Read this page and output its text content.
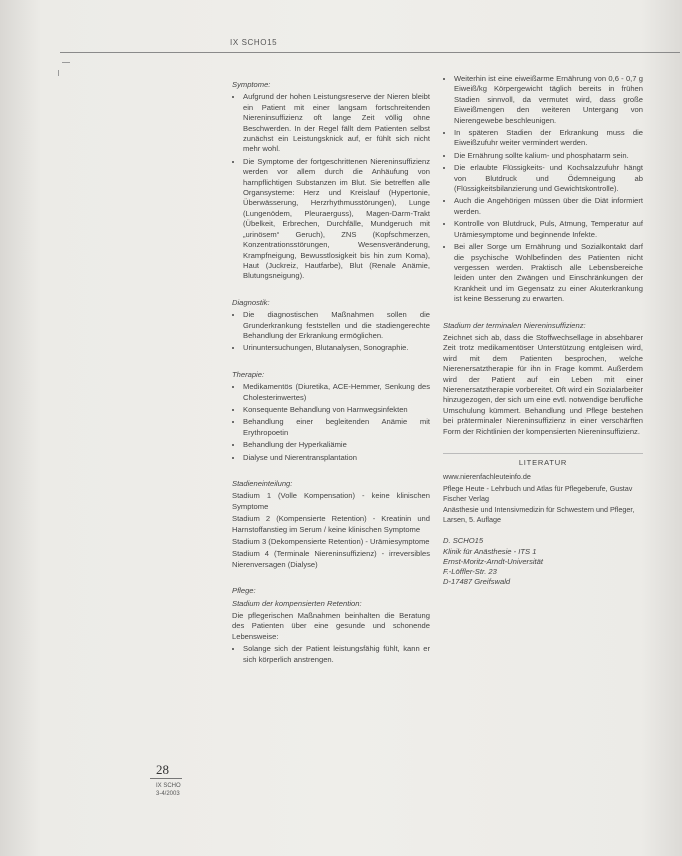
IX SCHO15
Symptome:
• Aufgrund der hohen Leistungsreserve der Nieren bleibt ein Patient mit einer langsam fortschreitenden Niereninsuffizienz oft lange Zeit völlig ohne Beschwerden. In der Regel fällt dem Patienten selbst zunächst ein Leistungsknick auf, er fühlt sich nicht mehr wohl.
• Die Symptome der fortgeschrittenen Niereninsuffizienz werden vor allem durch die Anhäufung von harnpflichtigen Substanzen im Blut. Sie betreffen alle Organsysteme: Herz und Kreislauf (Hypertonie, Überwässerung, Herzrhythmusstörungen), Lunge (Lungenödem, Pleuraerguss), Magen-Darm-Trakt (Übelkeit, Erbrechen, Durchfälle, Mundgeruch mit „urinösem“ Geruch), ZNS (Kopfschmerzen, Konzentrationsstörungen, Wesensveränderung, Krampfneigung, Bewusstlosigkeit bis hin zum Koma), Haut (Juckreiz, Hautfarbe), Blut (Renale Anämie, Blutungsneigung).
Diagnostik:
• Die diagnostischen Maßnahmen sollen die Grunderkrankung feststellen und die stadiengerechte Behandlung der Erkrankung ermöglichen.
• Urinuntersuchungen, Blutanalysen, Sonographie.
Therapie:
• Medikamentös (Diuretika, ACE-Hemmer, Senkung des Cholesterinwertes)
• Konsequente Behandlung von Harnwegsinfekten
• Behandlung einer begleitenden Anämie mit Erythropoetin
• Behandlung der Hyperkaliämie
• Dialyse und Nierentransplantation
Stadieneinteilung:

Stadium 1 (Volle Kompensation) - keine klinischen Symptome

Stadium 2 (Kompensierte Retention) - Kreatinin und Harnstoffanstieg im Serum / keine klinischen Symptome

Stadium 3 (Dekompensierte Retention) - Urämiesymptome

Stadium 4 (Terminale Niereninsuffizienz) - irreversibles Nierenversagen (Dialyse)

Pflege:
Stadium der kompensierten Retention:

Die pflegerischen Maßnahmen beinhalten die Beratung des Patienten über eine gesunde und schonende Lebensweise:

• Solange sich der Patient leistungsfähig fühlt, kann er sich körperlich anstrengen.
• Weiterhin ist eine eiweißarme Ernährung von 0,6 - 0,7 g Eiweiß/kg Körpergewicht täglich bereits in frühen Stadien sinnvoll, da vermutet wird, dass große Eiweißmengen den weiteren Untergang von Nierengewebe beschleunigen.
• In späteren Stadien der Erkrankung muss die Eiweißzufuhr weiter vermindert werden.
• Die Ernährung sollte kalium- und phosphatarm sein.
• Die erlaubte Flüssigkeits- und Kochsalzzufuhr hängt von Blutdruck und Ödemneigung ab (Flüssigkeitsbilanzierung und Gewichtskontrolle).
• Auch die Angehörigen müssen über die Diät informiert werden.
• Kontrolle von Blutdruck, Puls, Atmung, Temperatur auf Urämiesymptome und beginnende Infekte.
• Bei aller Sorge um Ernährung und Sozialkontakt darf die psychische Wohlbefinden des Patienten nicht vergessen werden. Praktisch alle Lebensbereiche leiden unter den Zwängen und Einschränkungen der Krankheit und im Gegensatz zu einer Akuterkrankung ist keine Besserung zu erwarten.
Stadium der terminalen Niereninsuffizienz:

Zeichnet sich ab, dass die Stoffwechsellage in absehbarer Zeit trotz medikamentöser Unterstützung entgleisen wird, wird mit dem Patienten besprochen, welche Nierenersatztherapie für ihn in Frage kommt. Außerdem wird der Patient auf ein Leben mit einer Nierenersatztherapie vorbereitet. Oft wird ein Sozialarbeiter hinzugezogen, der sich um eine evtl. notwendige berufliche Umschulung kümmert. Behandlung und Pflege bestehen bei präterminaler Niereninsuffizienz in einer verschärften Form der Richtlinien der kompensierten Niereninsuffizienz.

LITERATUR

www.nierenfachleuteinfo.de

Pflege Heute - Lehrbuch und Atlas für Pflegeberufe, Gustav Fischer Verlag

Anästhesie und Intensivmedizin für Schwestern und Pfleger, Larsen, 5. Auflage

D. SCHO15
Klinik für Anästhesie - ITS 1
Ernst-Moritz-Arndt-Universität
F.-Löffler-Str. 23
D-17487 Greifswald
28
IX SCHO
3-4/2003
